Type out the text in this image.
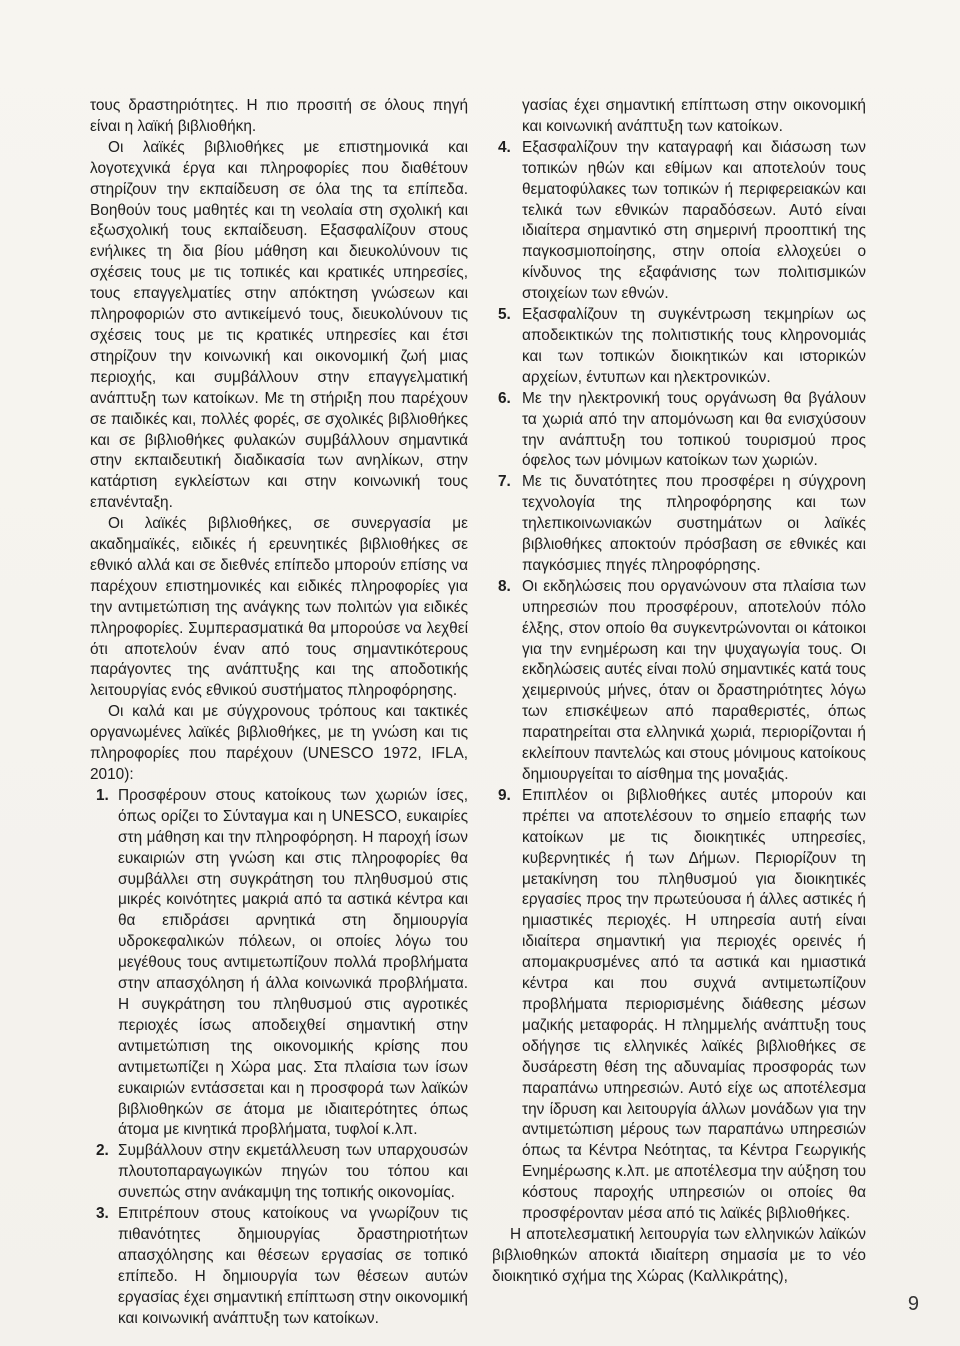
τους δραστηριότητες. Η πιο προσιτή σε όλους πηγή είναι η λαϊκή βιβλιοθήκη.

Οι λαϊκές βιβλιοθήκες με επιστημονικά και λογοτεχνικά έργα και πληροφορίες που διαθέτουν στηρίζουν την εκπαίδευση σε όλα της τα επίπεδα. Βοηθούν τους μαθητές και τη νεολαία στη σχολική και εξωσχολική τους εκπαίδευση. Εξασφαλίζουν στους ενήλικες τη δια βίου μάθηση και διευκολύνουν τις σχέσεις τους με τις τοπικές και κρατικές υπηρεσίες, τους επαγγελματίες στην απόκτηση γνώσεων και πληροφοριών στο αντικείμενό τους, διευκολύνουν τις σχέσεις τους με τις κρατικές υπηρεσίες και έτσι στηρίζουν την κοινωνική και οικονομική ζωή μιας περιοχής, και συμβάλλουν στην επαγγελματική ανάπτυξη των κατοίκων. Με τη στήριξη που παρέχουν σε παιδικές και, πολλές φορές, σε σχολικές βιβλιοθήκες και σε βιβλιοθήκες φυλακών συμβάλλουν σημαντικά στην εκπαιδευτική διαδικασία των ανηλίκων, στην κατάρτιση εγκλείστων και στην κοινωνική τους επανένταξη.

Οι λαϊκές βιβλιοθήκες, σε συνεργασία με ακαδημαϊκές, ειδικές ή ερευνητικές βιβλιοθήκες σε εθνικό αλλά και σε διεθνές επίπεδο μπορούν επίσης να παρέχουν επιστημονικές και ειδικές πληροφορίες για την αντιμετώπιση της ανάγκης των πολιτών για ειδικές πληροφορίες. Συμπερασματικά θα μπορούσε να λεχθεί ότι αποτελούν έναν από τους σημαντικότερους παράγοντες της ανάπτυξης και της αποδοτικής λειτουργίας ενός εθνικού συστήματος πληροφόρησης.

Οι καλά και με σύγχρονους τρόπους και τακτικές οργανωμένες λαϊκές βιβλιοθήκες, με τη γνώση και τις πληροφορίες που παρέχουν (UNESCO 1972, IFLA, 2010):

1. Προσφέρουν στους κατοίκους των χωριών ίσες, όπως ορίζει το Σύνταγμα και η UNESCO, ευκαιρίες στη μάθηση και την πληροφόρηση. Η παροχή ίσων ευκαιριών στη γνώση και στις πληροφορίες θα συμβάλλει στη συγκράτηση του πληθυσμού στις μικρές κοινότητες μακριά από τα αστικά κέντρα και θα επιδράσει αρνητικά στη δημιουργία υδροκεφαλικών πόλεων, οι οποίες λόγω του μεγέθους τους αντιμετωπίζουν πολλά προβλήματα στην απασχόληση ή άλλα κοινωνικά προβλήματα. Η συγκράτηση του πληθυσμού στις αγροτικές περιοχές ίσως αποδειχθεί σημαντική στην αντιμετώπιση της οικονομικής κρίσης που αντιμετωπίζει η Χώρα μας. Στα πλαίσια των ίσων ευκαιριών εντάσσεται και η προσφορά των λαϊκών βιβλιοθηκών σε άτομα με ιδιαιτερότητες όπως άτομα με κινητικά προβλήματα, τυφλοί κ.λπ.
2. Συμβάλλουν στην εκμετάλλευση των υπαρχουσών πλουτοπαραγωγικών πηγών του τόπου και συνεπώς στην ανάκαμψη της τοπικής οικονομίας.
3. Επιτρέπουν στους κατοίκους να γνωρίζουν τις πιθανότητες δημιουργίας δραστηριοτήτων απασχόλησης και θέσεων εργασίας σε τοπικό επίπεδο. Η δημιουργία των θέσεων αυτών εργασίας έχει σημαντική επίπτωση στην οικονομική και κοινωνική ανάπτυξη των κατοίκων.
γασίας έχει σημαντική επίπτωση στην οικονομική και κοινωνική ανάπτυξη των κατοίκων.
4. Εξασφαλίζουν την καταγραφή και διάσωση των τοπικών ηθών και εθίμων και αποτελούν τους θεματοφύλακες των τοπικών ή περιφερειακών και τελικά των εθνικών παραδόσεων. Αυτό είναι ιδιαίτερα σημαντικό στη σημερινή προοπτική της παγκοσμιοποίησης, στην οποία ελλοχεύει ο κίνδυνος της εξαφάνισης των πολιτισμικών στοιχείων των εθνών.
5. Εξασφαλίζουν τη συγκέντρωση τεκμηρίων ως αποδεικτικών της πολιτιστικής τους κληρονομιάς και των τοπικών διοικητικών και ιστορικών αρχείων, έντυπων και ηλεκτρονικών.
6. Με την ηλεκτρονική τους οργάνωση θα βγάλουν τα χωριά από την απομόνωση και θα ενισχύσουν την ανάπτυξη του τοπικού τουρισμού προς όφελος των μόνιμων κατοίκων των χωριών.
7. Με τις δυνατότητες που προσφέρει η σύγχρονη τεχνολογία της πληροφόρησης και των τηλεπικοινωνιακών συστημάτων οι λαϊκές βιβλιοθήκες αποκτούν πρόσβαση σε εθνικές και παγκόσμιες πηγές πληροφόρησης.
8. Οι εκδηλώσεις που οργανώνουν στα πλαίσια των υπηρεσιών που προσφέρουν, αποτελούν πόλο έλξης, στον οποίο θα συγκεντρώνονται οι κάτοικοι για την ενημέρωση και την ψυχαγωγία τους. Οι εκδηλώσεις αυτές είναι πολύ σημαντικές κατά τους χειμερινούς μήνες, όταν οι δραστηριότητες λόγω των επισκέψεων από παραθεριστές, όπως παρατηρείται στα ελληνικά χωριά, περιορίζονται ή εκλείπουν παντελώς και στους μόνιμους κατοίκους δημιουργείται το αίσθημα της μοναξιάς.
9. Επιπλέον οι βιβλιοθήκες αυτές μπορούν και πρέπει να αποτελέσουν το σημείο επαφής των κατοίκων με τις διοικητικές υπηρεσίες, κυβερνητικές ή των Δήμων. Περιορίζουν τη μετακίνηση του πληθυσμού για διοικητικές εργασίες προς την πρωτεύουσα ή άλλες αστικές ή ημιαστικές περιοχές. Η υπηρεσία αυτή είναι ιδιαίτερα σημαντική για περιοχές ορεινές ή απομακρυσμένες από τα αστικά και ημιαστικά κέντρα και που συχνά αντιμετωπίζουν προβλήματα περιορισμένης διάθεσης μέσων μαζικής μεταφοράς. Η πλημμελής ανάπτυξη τους οδήγησε τις ελληνικές λαϊκές βιβλιοθήκες σε δυσάρεστη θέση της αδυναμίας προσφοράς των παραπάνω υπηρεσιών. Αυτό είχε ως αποτέλεσμα την ίδρυση και λειτουργία άλλων μονάδων για την αντιμετώπιση μέρους των παραπάνω υπηρεσιών όπως τα Κέντρα Νεότητας, τα Κέντρα Γεωργικής Ενημέρωσης κ.λπ. με αποτέλεσμα την αύξηση του κόστους παροχής υπηρεσιών οι οποίες θα προσφέρονταν μέσα από τις λαϊκές βιβλιοθήκες.

Η αποτελεσματική λειτουργία των ελληνικών λαϊκών βιβλιοθηκών αποκτά ιδιαίτερη σημασία με το νέο διοικητικό σχήμα της Χώρας (Καλλικράτης),

9
